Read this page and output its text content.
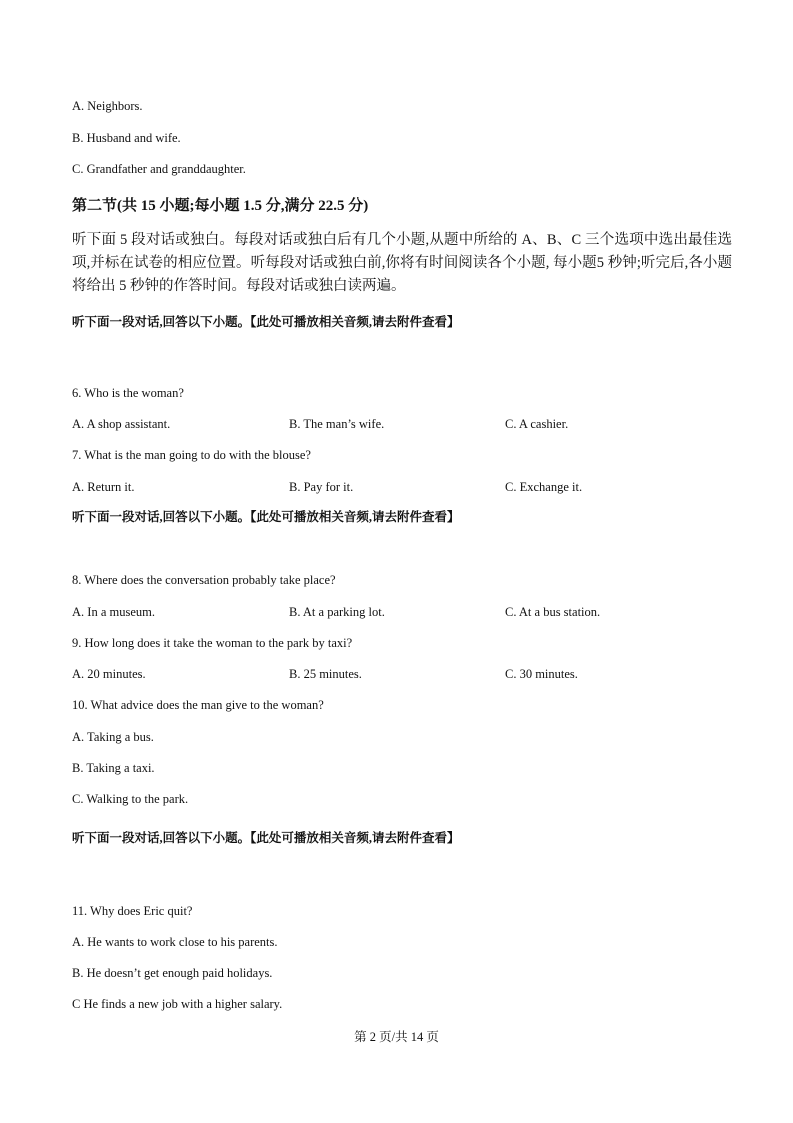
A. Neighbors.
B. Husband and wife.
C. Grandfather and granddaughter.
第二节(共 15 小题;每小题 1.5 分,满分 22.5 分)
听下面 5 段对话或独白。每段对话或独白后有几个小题,从题中所给的 A、B、C 三个选项中选出最佳选项,并标在试卷的相应位置。听每段对话或独白前,你将有时间阅读各个小题, 每小题5 秒钟;听完后,各小题将给出 5 秒钟的作答时间。每段对话或独白读两遍。
听下面一段对话,回答以下小题。【此处可播放相关音频,请去附件查看】
6. Who is the woman?
A. A shop assistant.	B. The man’s wife.	C. A cashier.
7. What is the man going to do with the blouse?
A. Return it.	B. Pay for it.	C. Exchange it.
听下面一段对话,回答以下小题。【此处可播放相关音频,请去附件查看】
8. Where does the conversation probably take place?
A. In a museum.	B. At a parking lot.	C. At a bus station.
9. How long does it take the woman to the park by taxi?
A. 20 minutes.	B. 25 minutes.	C. 30 minutes.
10. What advice does the man give to the woman?
A. Taking a bus.
B. Taking a taxi.
C. Walking to the park.
听下面一段对话,回答以下小题。【此处可播放相关音频,请去附件查看】
11. Why does Eric quit?
A. He wants to work close to his parents.
B. He doesn’t get enough paid holidays.
C He finds a new job with a higher salary.
第 2 页/共 14 页
